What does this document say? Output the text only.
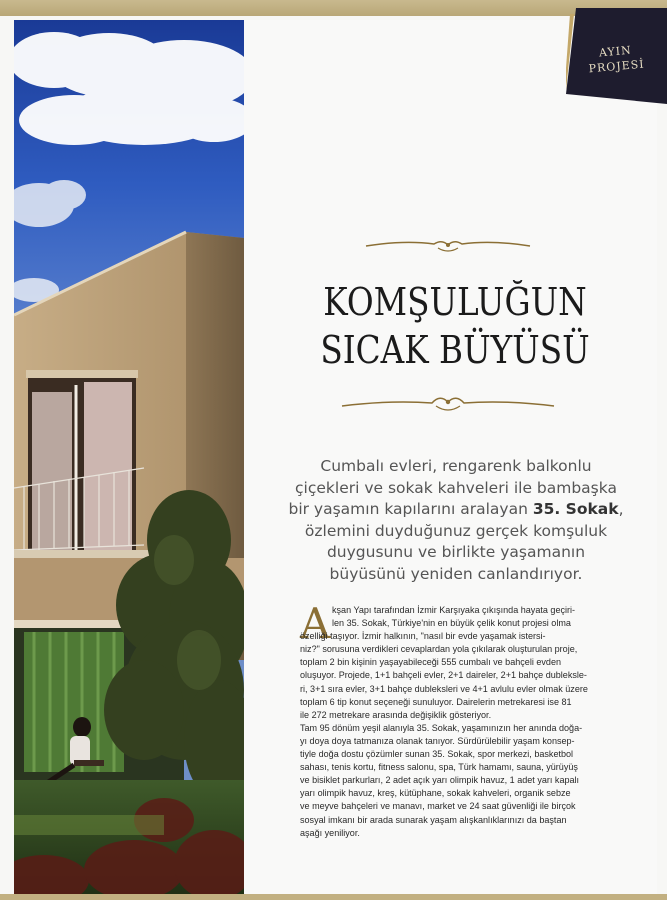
AYIN
PROJESİ
KOMŞULUĞUN
SICAK BÜYÜSÜ

Cumbalı evleri, rengarenk balkonlu
çiçekleri ve sokak kahveleri ile bambaşka
bir yaşamın kapılarını aralayan 35. Sokak,
özlemini duyduğunuz gerçek komşuluk
duygusunu ve birlikte yaşamanın
büyüsünü yeniden canlandırıyor.

A kşan Yapı tarafından İzmir Karşıyaka çıkışında hayata geçiri-
len 35. Sokak, Türkiye'nin en büyük çelik konut projesi olma
özelliği taşıyor. İzmir halkının, "nasıl bir evde yaşamak istersi-
niz?" sorusuna verdikleri cevaplardan yola çıkılarak oluşturulan proje,
toplam 2 bin kişinin yaşayabileceği 555 cumbalı ve bahçeli evden
oluşuyor. Projede, 1+1 bahçeli evler, 2+1 daireler, 2+1 bahçe dubleksle-
ri, 3+1 sıra evler, 3+1 bahçe dubleksleri ve 4+1 avlulu evler olmak üzere
toplam 6 tip konut seçeneği sunuluyor. Dairelerin metrekaresi ise 81
ile 272 metrekare arasında değişiklik gösteriyor.
Tam 95 dönüm yeşil alanıyla 35. Sokak, yaşamınızın her anında doğa-
yı doya doya tatmanıza olanak tanıyor. Sürdürülebilir yaşam konsep-
tiyle doğa dostu çözümler sunan 35. Sokak, spor merkezi, basketbol
sahası, tenis kortu, fitness salonu, spa, Türk hamamı, sauna, yürüyüş
ve bisiklet parkurları, 2 adet açık yarı olimpik havuz, 1 adet yarı kapalı
yarı olimpik havuz, kreş, kütüphane, sokak kahveleri, organik sebze
ve meyve bahçeleri ve manavı, market ve 24 saat güvenliği ile birçok
sosyal imkanı bir arada sunarak yaşam alışkanlıklarınızı da baştan
aşağı yeniliyor.
